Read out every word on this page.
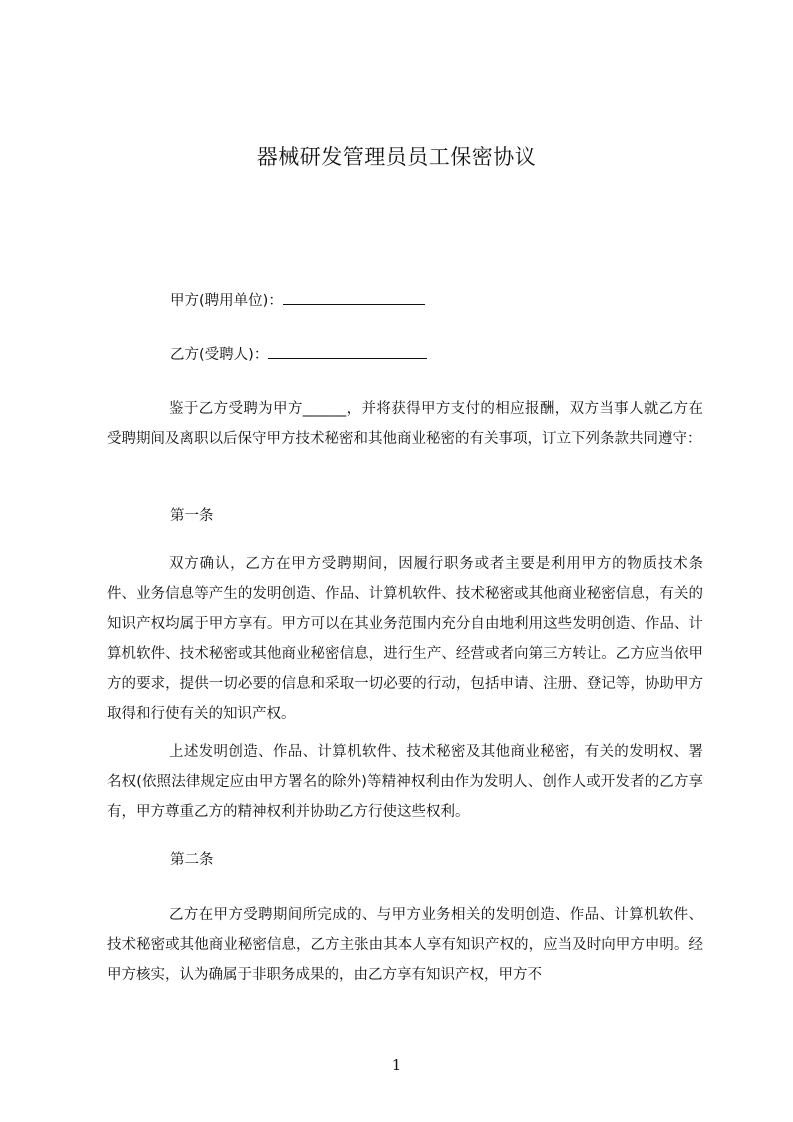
器械研发管理员员工保密协议
甲方(聘用单位)：
乙方(受聘人)：

鉴于乙方受聘为甲方______，并将获得甲方支付的相应报酬，双方当事人就乙方在受聘期间及离职以后保守甲方技术秘密和其他商业秘密的有关事项，订立下列条款共同遵守：

第一条

双方确认，乙方在甲方受聘期间，因履行职务或者主要是利用甲方的物质技术条件、业务信息等产生的发明创造、作品、计算机软件、技术秘密或其他商业秘密信息，有关的知识产权均属于甲方享有。甲方可以在其业务范围内充分自由地利用这些发明创造、作品、计算机软件、技术秘密或其他商业秘密信息，进行生产、经营或者向第三方转让。乙方应当依甲方的要求，提供一切必要的信息和采取一切必要的行动，包括申请、注册、登记等，协助甲方取得和行使有关的知识产权。

上述发明创造、作品、计算机软件、技术秘密及其他商业秘密，有关的发明权、署名权(依照法律规定应由甲方署名的除外)等精神权利由作为发明人、创作人或开发者的乙方享有，甲方尊重乙方的精神权利并协助乙方行使这些权利。

第二条

乙方在甲方受聘期间所完成的、与甲方业务相关的发明创造、作品、计算机软件、技术秘密或其他商业秘密信息，乙方主张由其本人享有知识产权的，应当及时向甲方申明。经甲方核实，认为确属于非职务成果的，由乙方享有知识产权，甲方不

1
